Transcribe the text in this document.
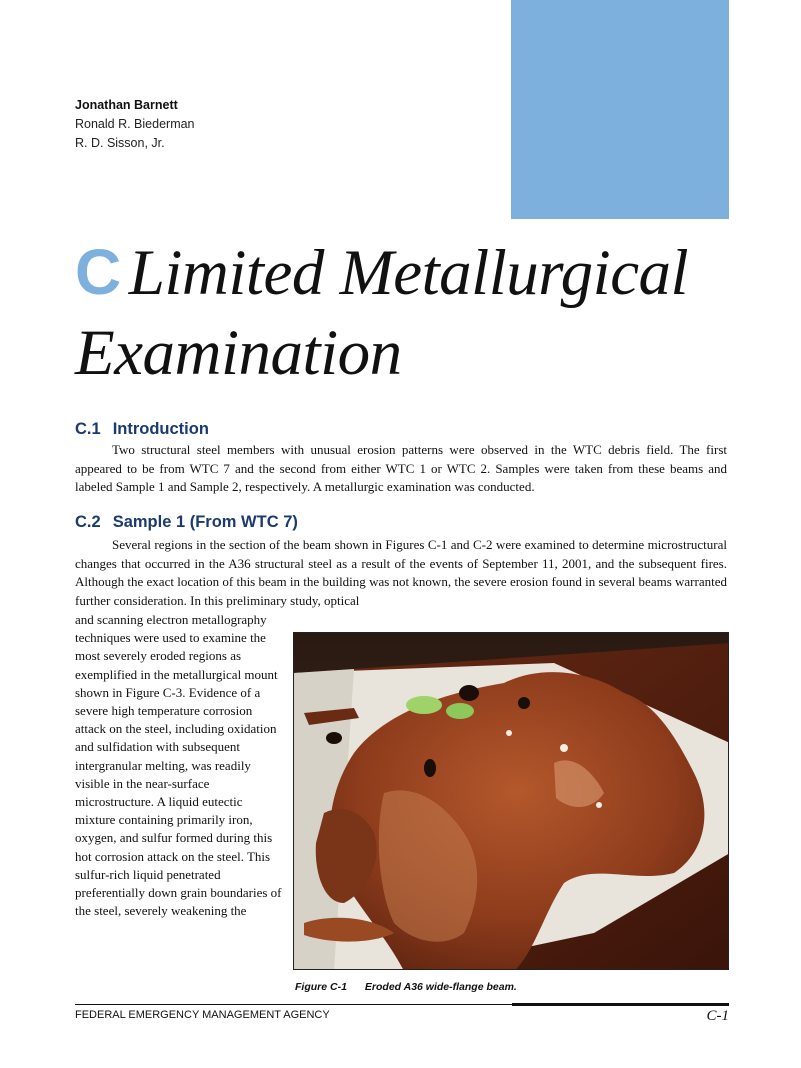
Jonathan Barnett
Ronald R. Biederman
R. D. Sisson, Jr.
C Limited Metallurgical
Examination
C.1 Introduction

Two structural steel members with unusual erosion patterns were observed in the WTC debris field. The first appeared to be from WTC 7 and the second from either WTC 1 or WTC 2. Samples were taken from these beams and labeled Sample 1 and Sample 2, respectively. A metallurgic examination was conducted.

C.2 Sample 1 (From WTC 7)

Several regions in the section of the beam shown in Figures C-1 and C-2 were examined to determine microstructural changes that occurred in the A36 structural steel as a result of the events of September 11, 2001, and the subsequent fires. Although the exact location of this beam in the building was not known, the severe erosion found in several beams warranted further consideration. In this preliminary study, optical

and scanning electron metallography techniques were used to examine the most severely eroded regions as exemplified in the metallurgical mount shown in Figure C-3. Evidence of a severe high temperature corrosion attack on the steel, including oxidation and sulfidation with subsequent intergranular melting, was readily visible in the near-surface microstructure. A liquid eutectic mixture containing primarily iron, oxygen, and sulfur formed during this hot corrosion attack on the steel. This sulfur-rich liquid penetrated preferentially down grain boundaries of the steel, severely weakening the

Figure C-1 Eroded A36 wide-flange beam.
FEDERAL EMERGENCY MANAGEMENT AGENCY	C-1
